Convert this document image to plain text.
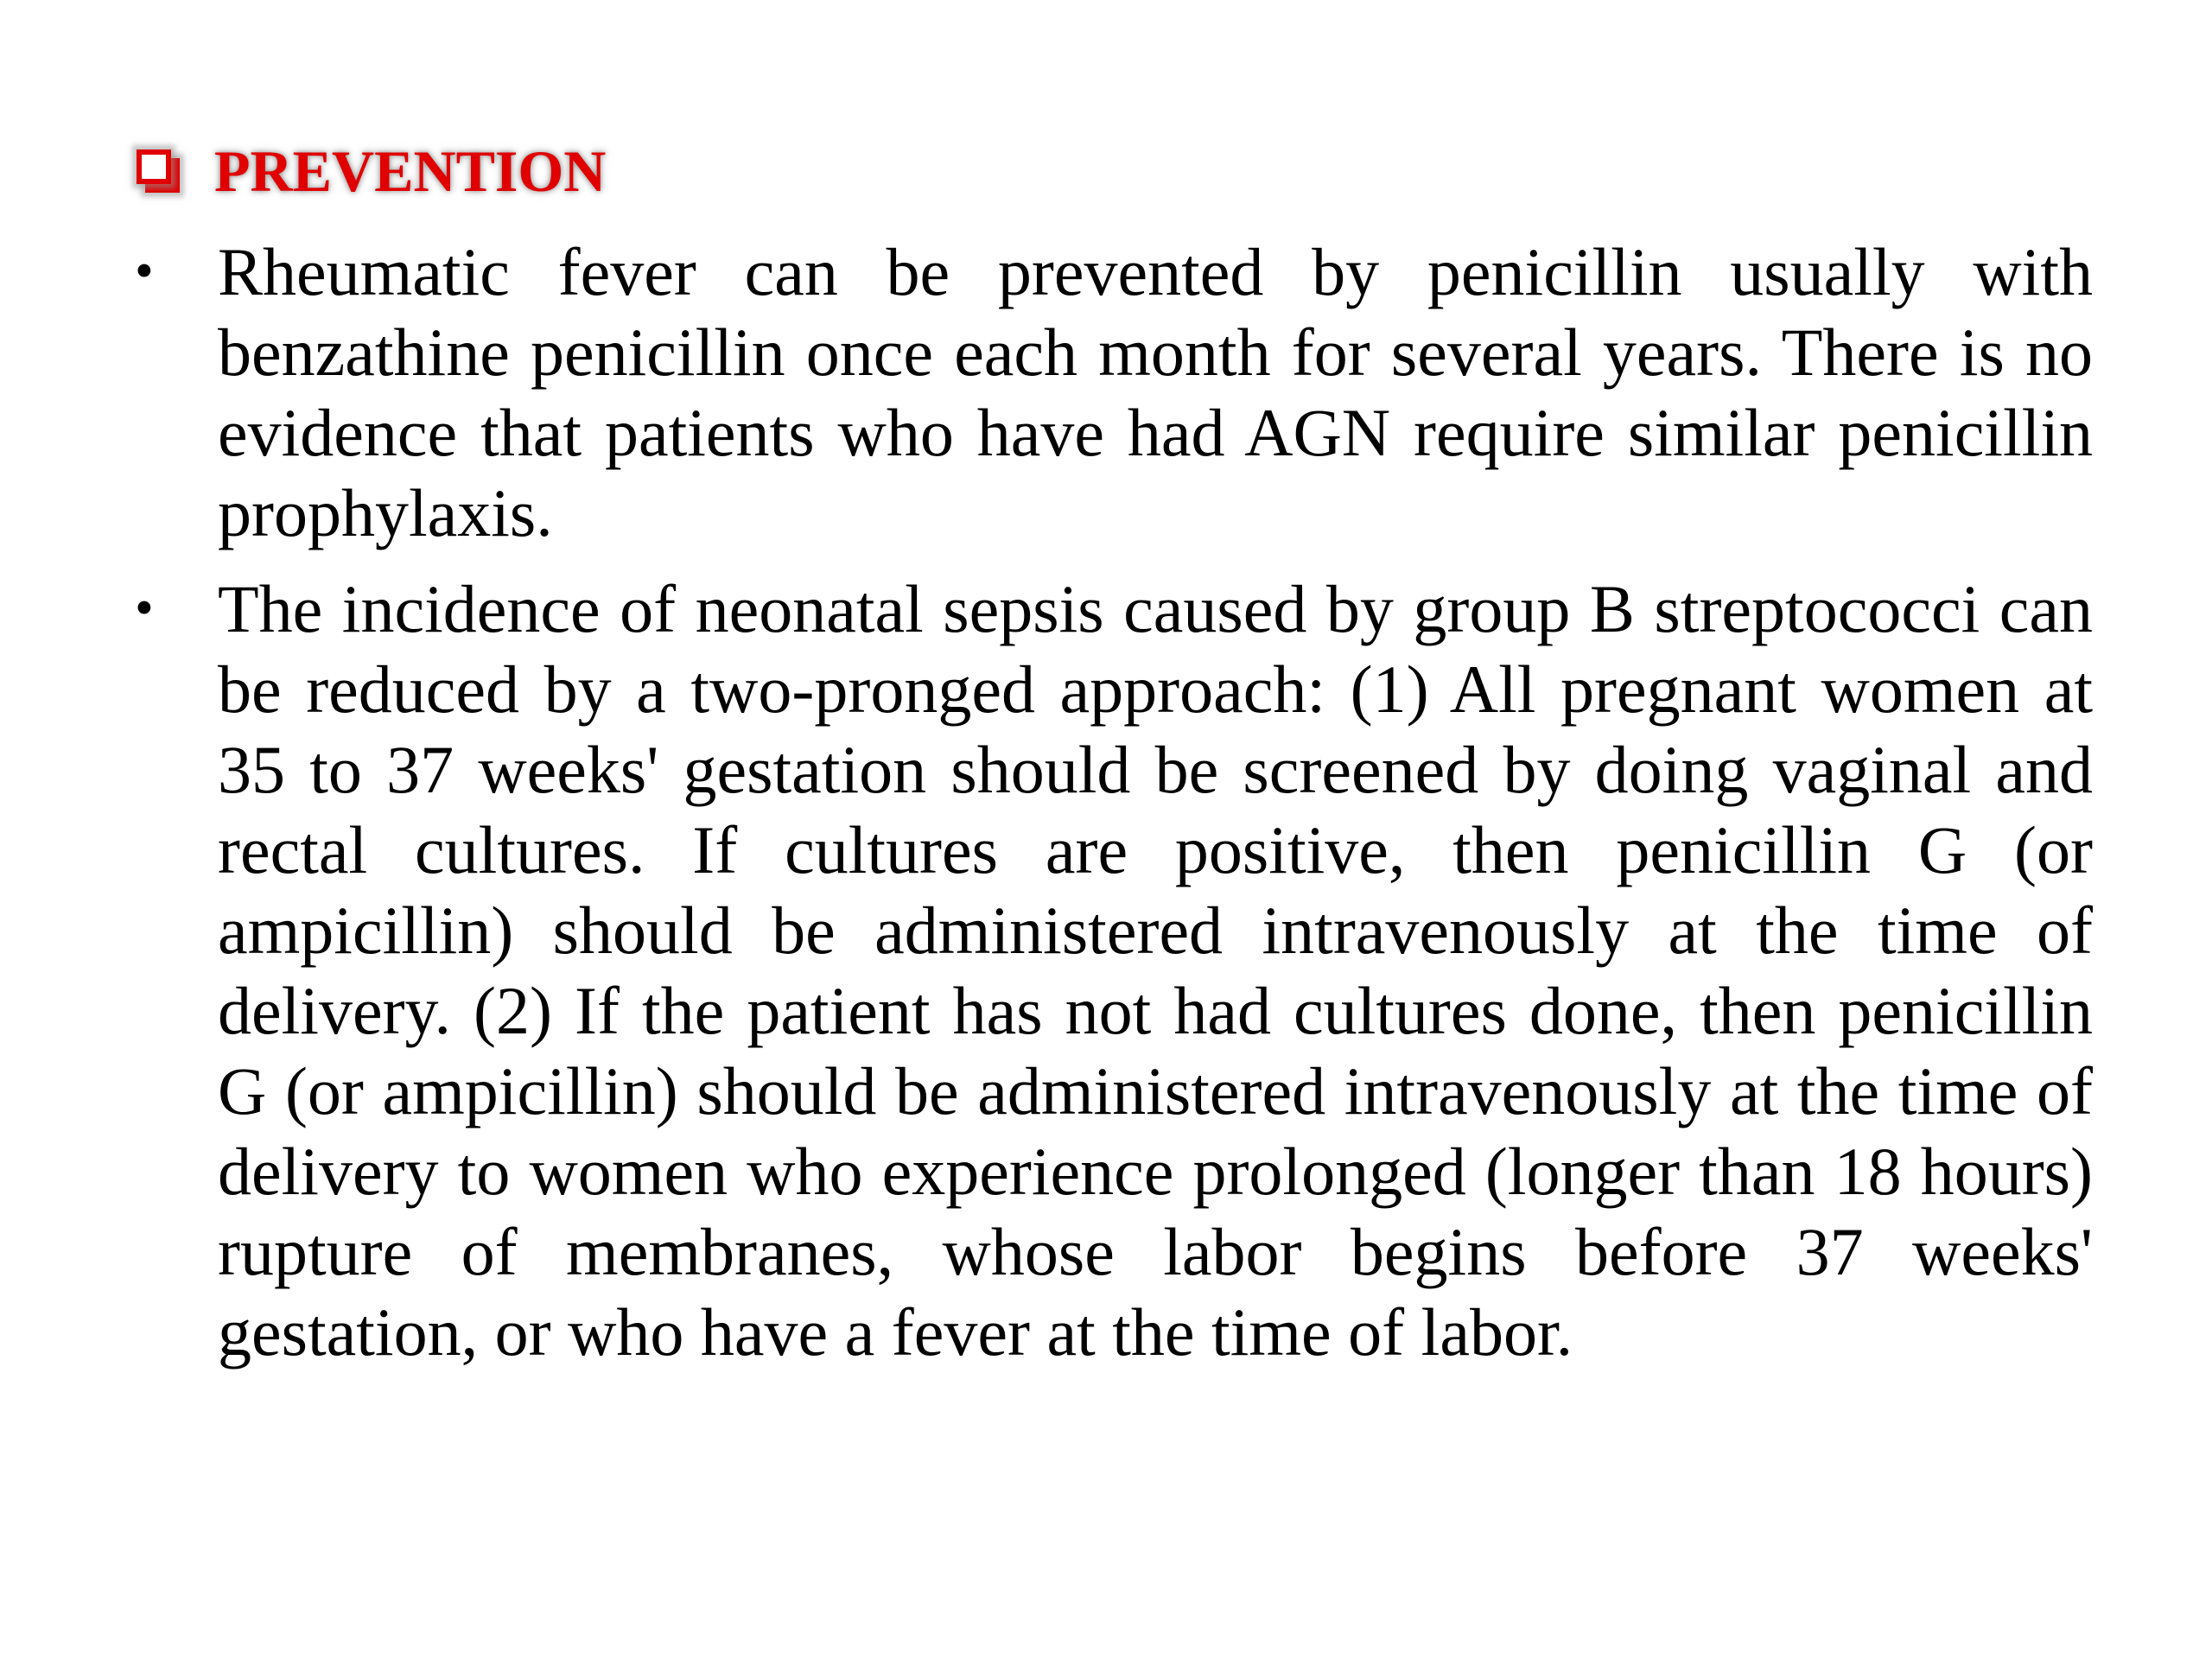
PREVENTION
• Rheumatic fever can be prevented by penicillin usually with benzathine penicillin once each month for several years. There is no evidence that patients who have had AGN require similar penicillin prophylaxis.
• The incidence of neonatal sepsis caused by group B streptococci can be reduced by a two-pronged approach: (1) All pregnant women at 35 to 37 weeks' gestation should be screened by doing vaginal and rectal cultures. If cultures are positive, then penicillin G (or ampicillin) should be administered intravenously at the time of delivery. (2) If the patient has not had cultures done, then penicillin G (or ampicillin) should be administered intravenously at the time of delivery to women who experience prolonged (longer than 18 hours) rupture of membranes, whose labor begins before 37 weeks' gestation, or who have a fever at the time of labor.
